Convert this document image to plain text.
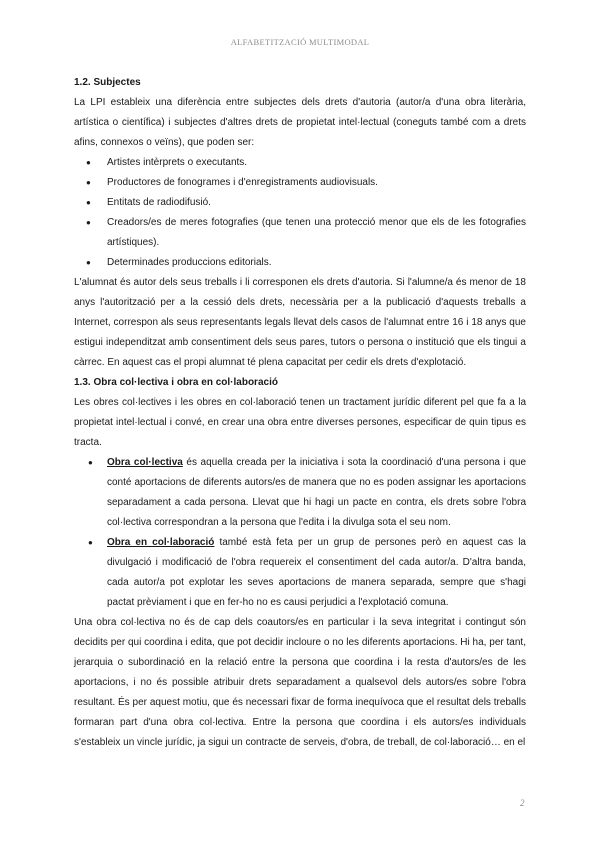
ALFABETITZACIÓ MULTIMODAL
1.2. Subjectes

La LPI estableix una diferència entre subjectes dels drets d'autoria (autor/a d'una obra literària, artística o científica) i subjectes d'altres drets de propietat intel·lectual (coneguts també com a drets afins, connexos o veïns), que poden ser:

● Artistes intèrprets o executants.
● Productores de fonogrames i d'enregistraments audiovisuals.
● Entitats de radiodifusió.
● Creadors/es de meres fotografies (que tenen una protecció menor que els de les fotografies artístiques).
● Determinades produccions editorials.

L'alumnat és autor dels seus treballs i li corresponen els drets d'autoria. Si l'alumne/a és menor de 18 anys l'autorització per a la cessió dels drets, necessària per a la publicació d'aquests treballs a Internet, correspon als seus representants legals llevat dels casos de l'alumnat entre 16 i 18 anys que estigui independitzat amb consentiment dels seus pares, tutors o persona o institució que els tingui a càrrec. En aquest cas el propi alumnat té plena capacitat per cedir els drets d'explotació.

1.3. Obra col·lectiva i obra en col·laboració

Les obres col·lectives i les obres en col·laboració tenen un tractament jurídic diferent pel que fa a la propietat intel·lectual i convé, en crear una obra entre diverses persones, especificar de quin tipus es tracta.

● Obra col·lectiva és aquella creada per la iniciativa i sota la coordinació d'una persona i que conté aportacions de diferents autors/es de manera que no es poden assignar les aportacions separadament a cada persona. Llevat que hi hagi un pacte en contra, els drets sobre l'obra col·lectiva correspondran a la persona que l'edita i la divulga sota el seu nom.
● Obra en col·laboració també està feta per un grup de persones però en aquest cas la divulgació i modificació de l'obra requereix el consentiment del cada autor/a. D'altra banda, cada autor/a pot explotar les seves aportacions de manera separada, sempre que s'hagi pactat prèviament i que en fer-ho no es causi perjudici a l'explotació comuna.

Una obra col·lectiva no és de cap dels coautors/es en particular i la seva integritat i contingut són decidits per qui coordina i edita, que pot decidir incloure o no les diferents aportacions. Hi ha, per tant, jerarquia o subordinació en la relació entre la persona que coordina i la resta d'autors/es de les aportacions, i no és possible atribuir drets separadament a qualsevol dels autors/es sobre l'obra resultant. És per aquest motiu, que és necessari fixar de forma inequívoca que el resultat dels treballs formaran part d'una obra col·lectiva. Entre la persona que coordina i els autors/es individuals s'estableix un vincle jurídic, ja sigui un contracte de serveis, d'obra, de treball, de col·laboració… en el

2
